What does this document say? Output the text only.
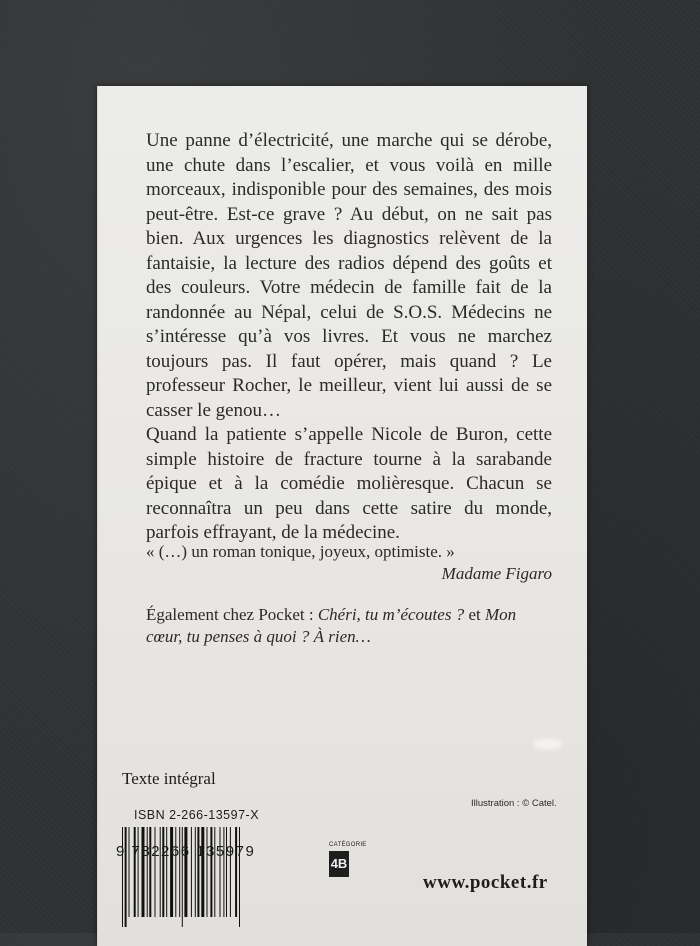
Une panne d’électricité, une marche qui se dérobe, une chute dans l’escalier, et vous voilà en mille morceaux, indisponible pour des semaines, des mois peut-être. Est-ce grave ? Au début, on ne sait pas bien. Aux urgences les diagnostics relèvent de la fantaisie, la lecture des radios dépend des goûts et des couleurs. Votre médecin de famille fait de la randonnée au Népal, celui de S.O.S. Médecins ne s’intéresse qu’à vos livres. Et vous ne marchez toujours pas. Il faut opérer, mais quand ? Le professeur Rocher, le meilleur, vient lui aussi de se casser le genou…

Quand la patiente s’appelle Nicole de Buron, cette simple histoire de fracture tourne à la sarabande épique et à la comédie molièresque. Chacun se reconnaîtra un peu dans cette satire du monde, parfois effrayant, de la médecine.

« (…) un roman tonique, joyeux, optimiste. »
Madame Figaro
Également chez Pocket : Chéri, tu m’écoutes ? et Mon cœur, tu penses à quoi ? À rien…
Texte intégral
ISBN 2-266-13597-X
Illustration : © Catel.
9 782266 135979	CATÉGORIE
4B
www.pocket.fr
